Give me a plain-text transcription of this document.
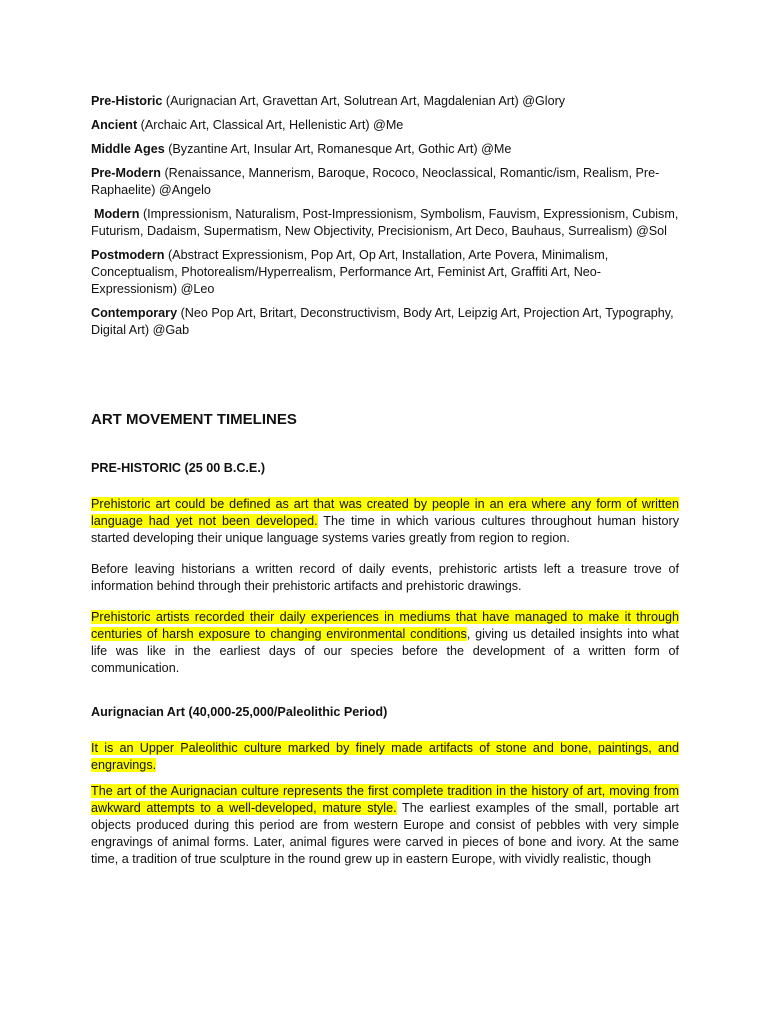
Pre-Historic (Aurignacian Art, Gravettan Art, Solutrean Art, Magdalenian Art) @Glory

Ancient (Archaic Art, Classical Art, Hellenistic Art) @Me

Middle Ages (Byzantine Art, Insular Art, Romanesque Art, Gothic Art) @Me

Pre-Modern (Renaissance, Mannerism, Baroque, Rococo, Neoclassical, Romantic/ism, Realism, Pre-Raphaelite) @Angelo

Modern (Impressionism, Naturalism, Post-Impressionism, Symbolism, Fauvism, Expressionism, Cubism, Futurism, Dadaism, Supermatism, New Objectivity, Precisionism, Art Deco, Bauhaus, Surrealism) @Sol

Postmodern (Abstract Expressionism, Pop Art, Op Art, Installation, Arte Povera, Minimalism, Conceptualism, Photorealism/Hyperrealism, Performance Art, Feminist Art, Graffiti Art, Neo-Expressionism) @Leo

Contemporary (Neo Pop Art, Britart, Deconstructivism, Body Art, Leipzig Art, Projection Art, Typography, Digital Art) @Gab

ART MOVEMENT TIMELINES

PRE-HISTORIC (25 00 B.C.E.)

Prehistoric art could be defined as art that was created by people in an era where any form of written language had yet not been developed. The time in which various cultures throughout human history started developing their unique language systems varies greatly from region to region.

Before leaving historians a written record of daily events, prehistoric artists left a treasure trove of information behind through their prehistoric artifacts and prehistoric drawings.

Prehistoric artists recorded their daily experiences in mediums that have managed to make it through centuries of harsh exposure to changing environmental conditions, giving us detailed insights into what life was like in the earliest days of our species before the development of a written form of communication.

Aurignacian Art (40,000-25,000/Paleolithic Period)

It is an Upper Paleolithic culture marked by finely made artifacts of stone and bone, paintings, and engravings.

The art of the Aurignacian culture represents the first complete tradition in the history of art, moving from awkward attempts to a well-developed, mature style. The earliest examples of the small, portable art objects produced during this period are from western Europe and consist of pebbles with very simple engravings of animal forms. Later, animal figures were carved in pieces of bone and ivory. At the same time, a tradition of true sculpture in the round grew up in eastern Europe, with vividly realistic, though
